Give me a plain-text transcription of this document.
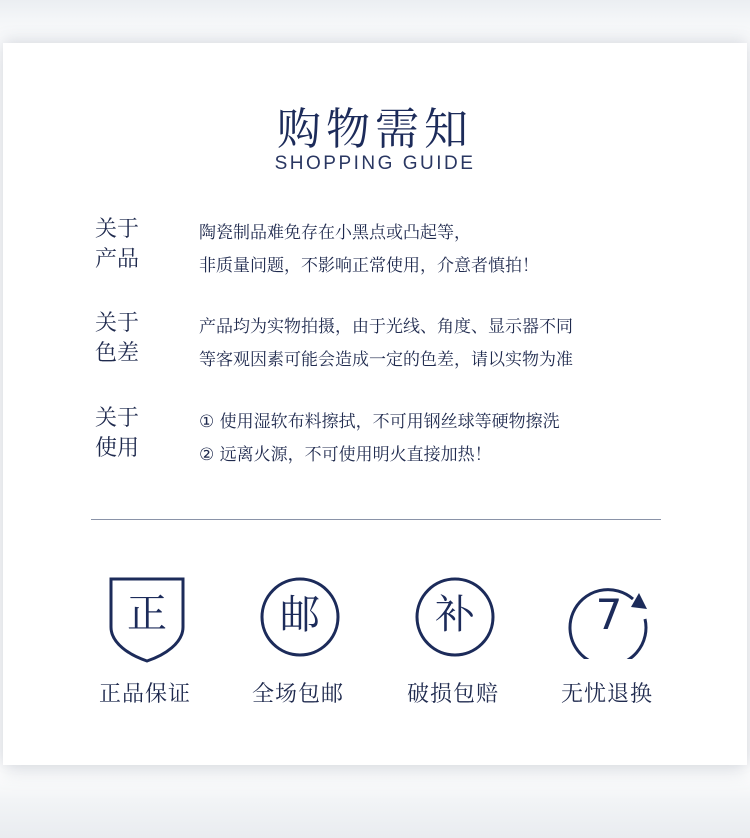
购物需知
SHOPPING GUIDE
关于
产品
陶瓷制品难免存在小黑点或凸起等，
非质量问题，不影响正常使用，介意者慎拍！
关于
色差
产品均为实物拍摄，由于光线、角度、显示器不同
等客观因素可能会造成一定的色差，请以实物为准
关于
使用
① 使用湿软布料擦拭，不可用钢丝球等硬物擦洗
② 远离火源，不可使用明火直接加热！
正
正品保证
邮
全场包邮
补
破损包赔
7
无忧退换
